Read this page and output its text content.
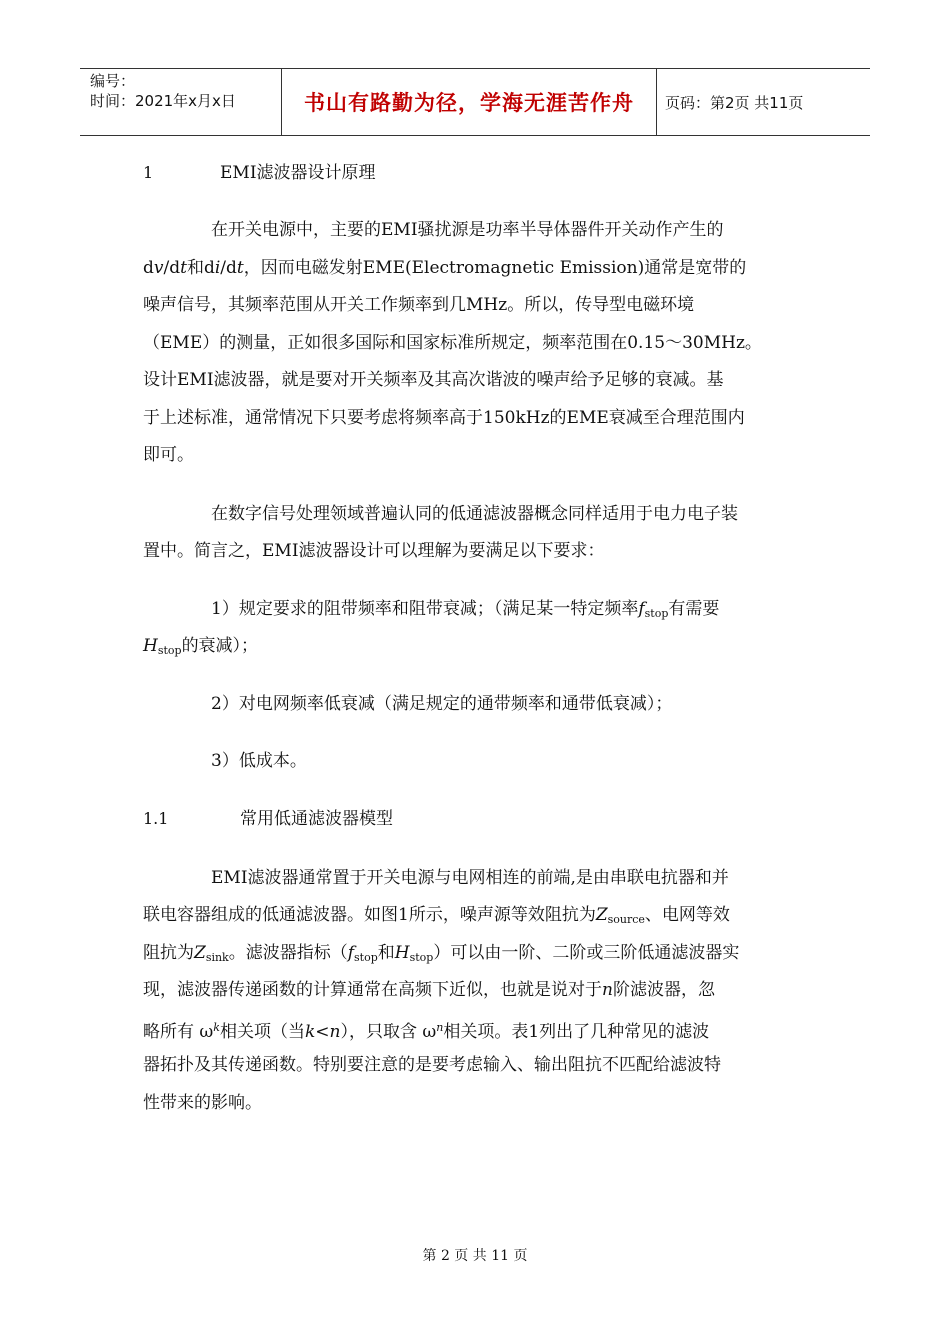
编号：
时间：2021年x月x日	书山有路勤为径，学海无涯苦作舟	页码：第2页 共11页
1	EMI滤波器设计原理
在开关电源中，主要的EMI骚扰源是功率半导体器件开关动作产生的
dv/dt和di/dt，因而电磁发射EME(Electromagnetic Emission)通常是宽带的
噪声信号，其频率范围从开关工作频率到几MHz。所以，传导型电磁环境
（EME）的测量，正如很多国际和国家标准所规定，频率范围在0.15～30MHz。
设计EMI滤波器，就是要对开关频率及其高次谐波的噪声给予足够的衰减。基
于上述标准，通常情况下只要考虑将频率高于150kHz的EME衰减至合理范围内
即可。
在数字信号处理领域普遍认同的低通滤波器概念同样适用于电力电子装
置中。简言之，EMI滤波器设计可以理解为要满足以下要求：
1）规定要求的阻带频率和阻带衰减；（满足某一特定频率$f_{stop}$有需要
$H_{stop}$的衰减）；
2）对电网频率低衰减（满足规定的通带频率和通带低衰减）；
3）低成本。
1.1	常用低通滤波器模型
EMI滤波器通常置于开关电源与电网相连的前端,是由串联电抗器和并
联电容器组成的低通滤波器。如图1所示，噪声源等效阻抗为$Z_{source}$、电网等效
阻抗为$Z_{sink}$。滤波器指标（$f_{stop}$和$H_{stop}$）可以由一阶、二阶或三阶低通滤波器实
现，滤波器传递函数的计算通常在高频下近似，也就是说对于n阶滤波器，忽
略所有 $\omega^k$相关项（当k<n），只取含 $\omega^n$相关项。表1列出了几种常见的滤波
器拓扑及其传递函数。特别要注意的是要考虑输入、输出阻抗不匹配给滤波特
性带来的影响。
第 2 页 共 11 页
